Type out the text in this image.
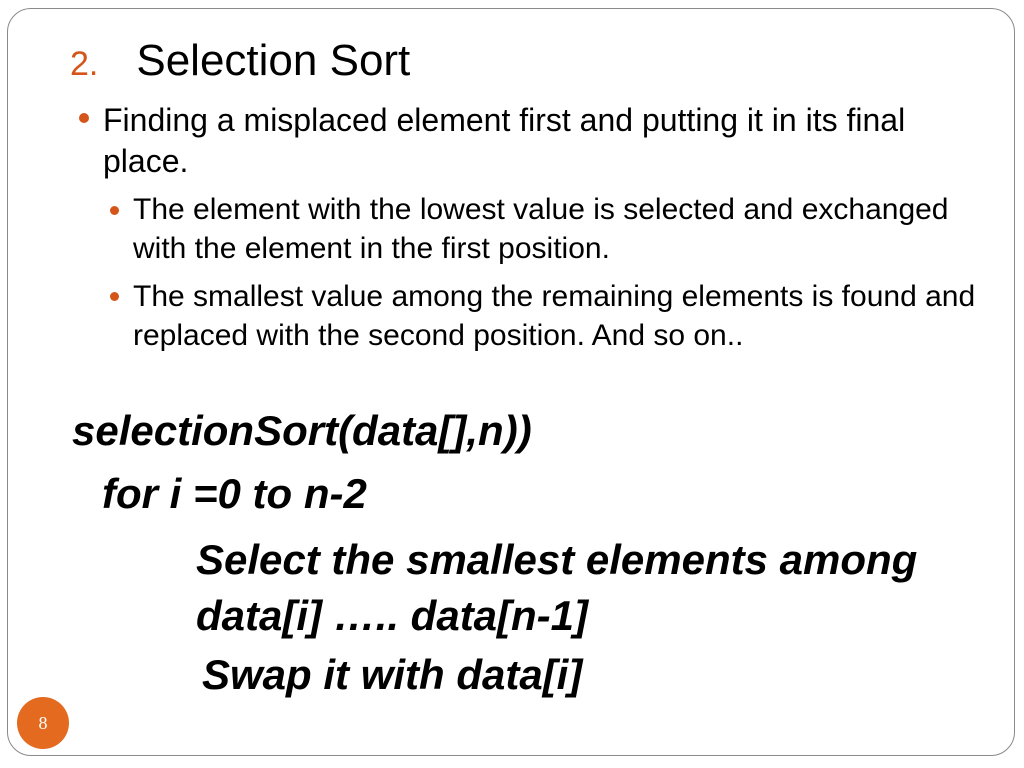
2. Selection Sort
Finding a misplaced element first and putting it in its final place.
The element with the lowest value is selected and exchanged with the element in the first position.
The smallest value among the remaining elements is found and replaced with the second position. And so on..
selectionSort(data[],n))
for i =0 to n-2
Select the smallest elements among data[i] ….. data[n-1]
Swap it with data[i]
8
